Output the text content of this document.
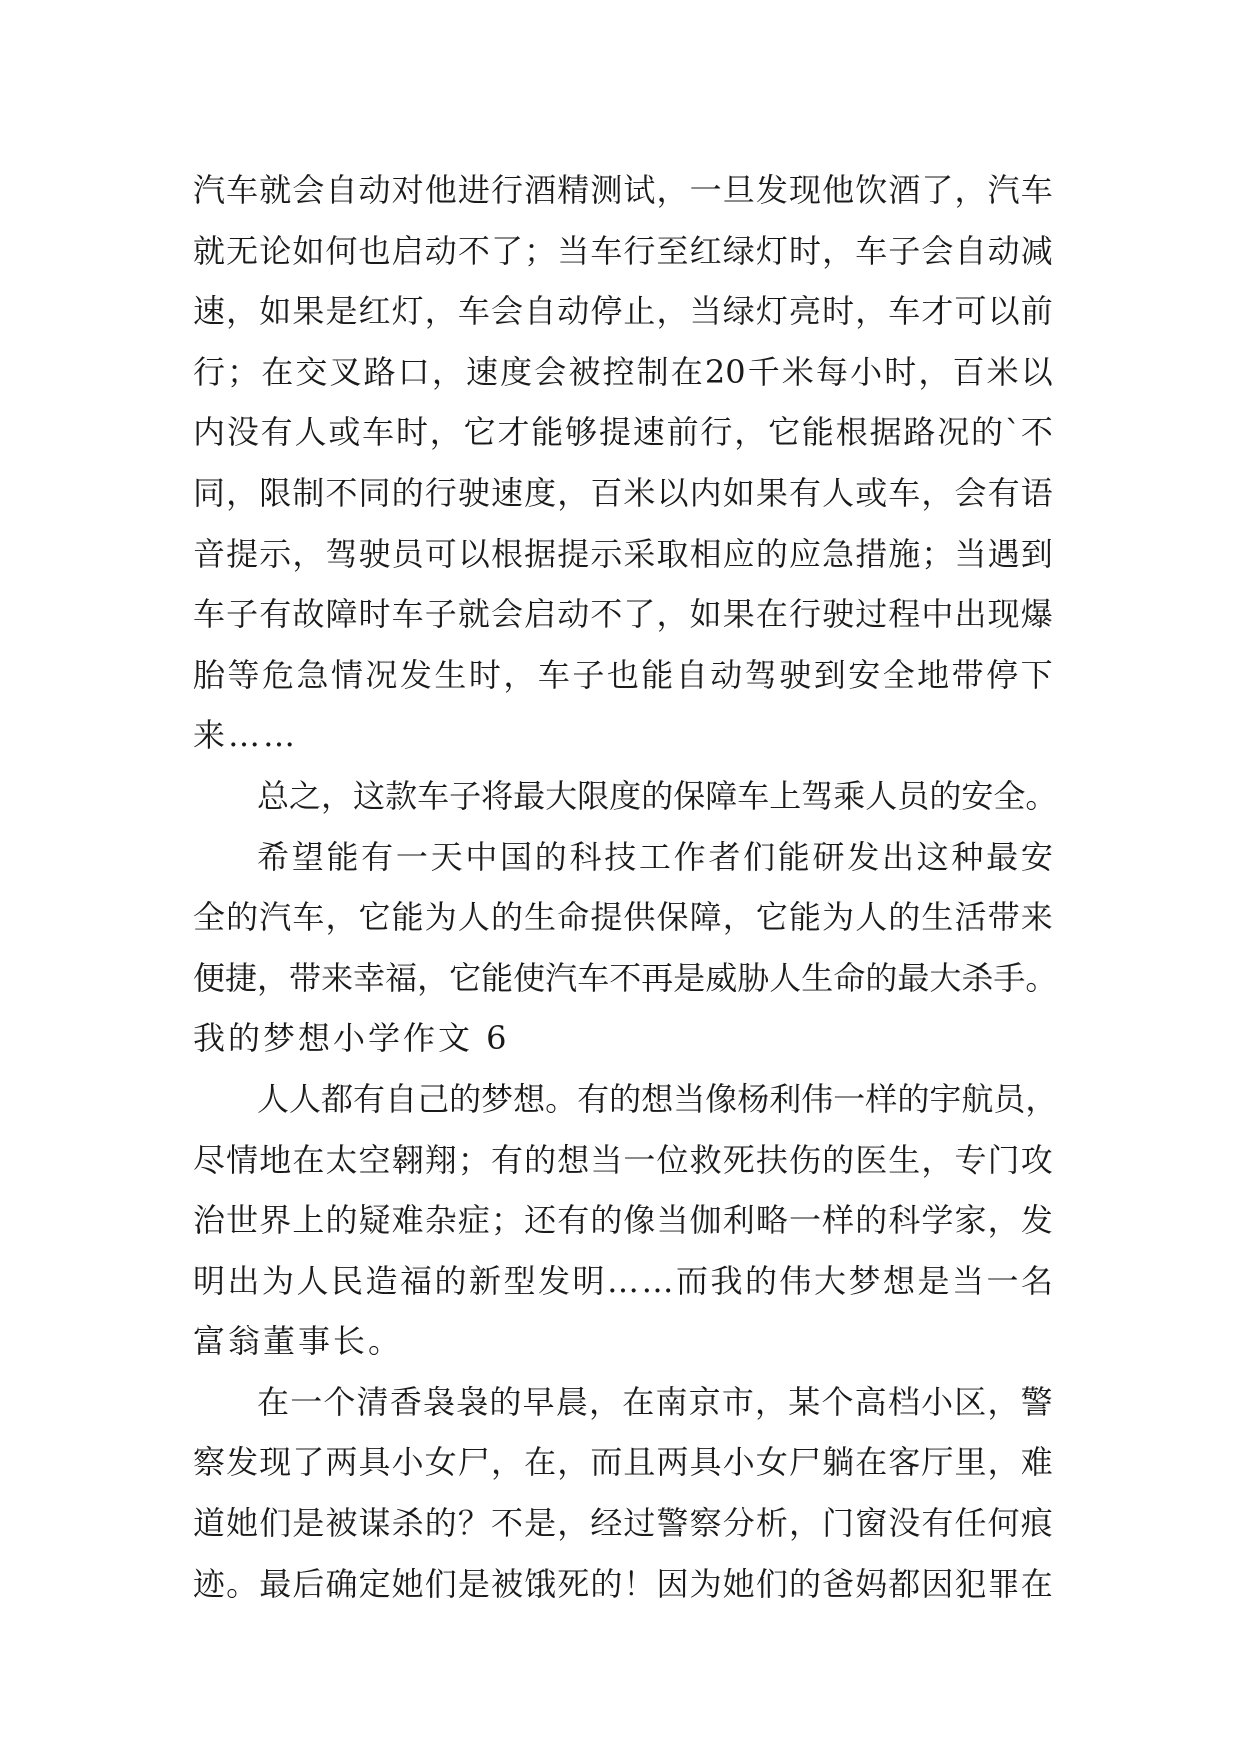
汽 车 就 会 自 动 对 他 进 行 酒 精 测 试 ， 一 旦 发 现 他 饮 酒 了 ， 汽 车
就 无 论 如 何 也 启 动 不 了 ； 当 车 行 至 红 绿 灯 时 ， 车 子 会 自 动 减
速 ， 如 果 是 红 灯 ， 车 会 自 动 停 止 ， 当 绿 灯 亮 时 ， 车 才 可 以 前
行 ； 在 交 叉 路 口 ， 速 度 会 被 控 制 在 20 千 米 每 小 时 ， 百 米 以
内 没 有 人 或 车 时 ， 它 才 能 够 提 速 前 行 ， 它 能 根 据 路 况 的 `不
同 ， 限 制 不 同 的 行 驶 速 度 ， 百 米 以 内 如 果 有 人 或 车 ， 会 有 语
音 提 示 ， 驾 驶 员 可 以 根 据 提 示 采 取 相 应 的 应 急 措 施 ； 当 遇 到
车 子 有 故 障 时 车 子 就 会 启 动 不 了 ， 如 果 在 行 驶 过 程 中 出 现 爆
胎 等 危 急 情 况 发 生 时 ， 车 子 也 能 自 动 驾 驶 到 安 全 地 带 停 下
来……
总 之 ， 这 款 车 子 将 最 大 限 度 的 保 障 车 上 驾 乘 人 员 的 安 全 。
希 望 能 有 一 天 中 国 的 科 技 工 作 者 们 能 研 发 出 这 种 最 安
全 的 汽 车 ， 它 能 为 人 的 生 命 提 供 保 障 ， 它 能 为 人 的 生 活 带 来
便 捷 ， 带 来 幸 福 ， 它 能 使 汽 车 不 再 是 威 胁 人 生 命 的 最 大 杀 手 。
我的梦想小学作文 6
人 人 都 有 自 己 的 梦 想 。 有 的 想 当 像 杨 利 伟 一 样 的 宇 航 员 ，
尽 情 地 在 太 空 翱 翔 ； 有 的 想 当 一 位 救 死 扶 伤 的 医 生 ， 专 门 攻
治 世 界 上 的 疑 难 杂 症 ； 还 有 的 像 当 伽 利 略 一 样 的 科 学 家 ， 发
明 出 为 人 民 造 福 的 新 型 发 明 … … 而 我 的 伟 大 梦 想 是 当 一 名
富翁董事长。
在 一 个 清 香 袅 袅 的 早 晨 ， 在 南 京 市 ， 某 个 高 档 小 区 ， 警
察 发 现 了 两 具 小 女 尸 ， 在 ， 而 且 两 具 小 女 尸 躺 在 客 厅 里 ， 难
道 她 们 是 被 谋 杀 的 ？ 不 是 ， 经 过 警 察 分 析 ， 门 窗 没 有 任 何 痕
迹 。 最 后 确 定 她 们 是 被 饿 死 的 ！ 因 为 她 们 的 爸 妈 都 因 犯 罪 在
